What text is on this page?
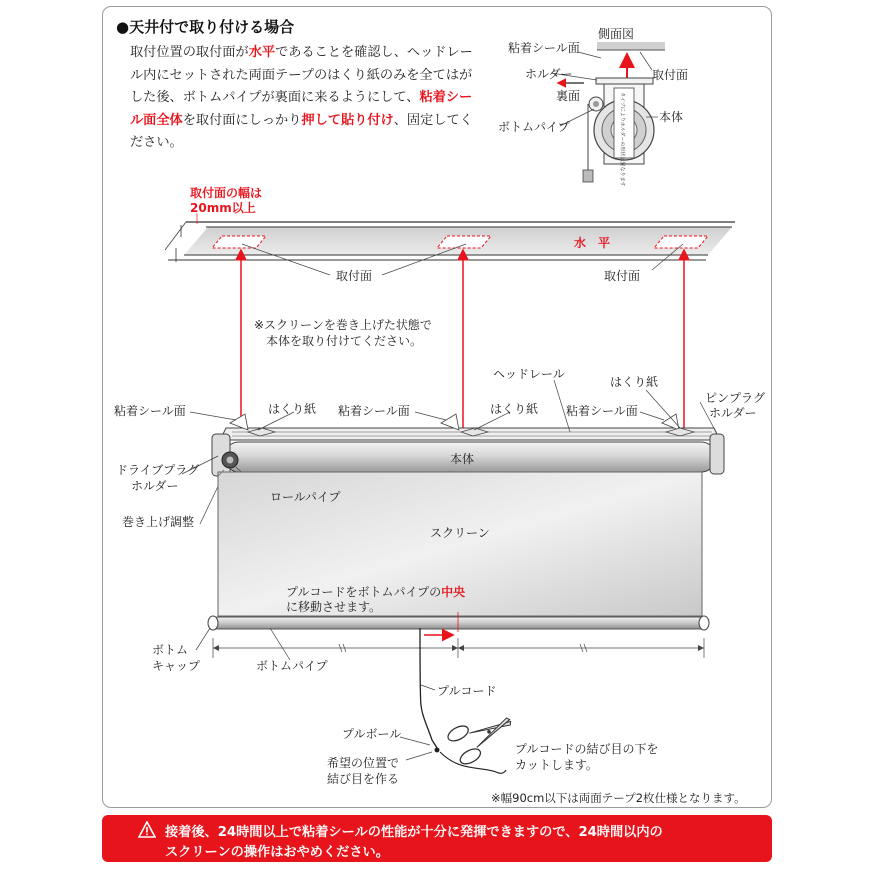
●天井付で取り付ける場合
取付位置の取付面が水平であることを確認し、ヘッドレール内にセットされた両面テープのはくり紙のみを全てはがした後、ボトムパイプが裏面に来るようにして、粘着シール面全体を取付面にしっかり押して貼り付け、固定してください。	タイプによりホルダーの形状は異なります
側面図
粘着シール面
ホルダー	取付面
裏面
本体
ボトムパイプ
取付面の幅は
20mm以上
水　平
取付面	取付面
※スクリーンを巻き上げた状態で
本体を取り付けてください。
ヘッドレール
はくり紙
ピンプラグ
ホルダー
粘着シール面	はくり紙 粘着シール面	はくり紙 粘着シール面
本体
ドライブプラグ
ホルダー
ロールパイプ
巻き上げ調整
スクリーン
プルコードをボトムパイプの中央
に移動させます。
ボトム
キャップ	ボトムパイプ
プルコード
プルボール
希望の位置で
結び目を作る
プルコードの結び目の下を
カットします。
※幅90cm以下は両面テープ2枚仕様となります。
接着後、24時間以上で粘着シールの性能が十分に発揮できますので、24時間以内の
スクリーンの操作はおやめください。
